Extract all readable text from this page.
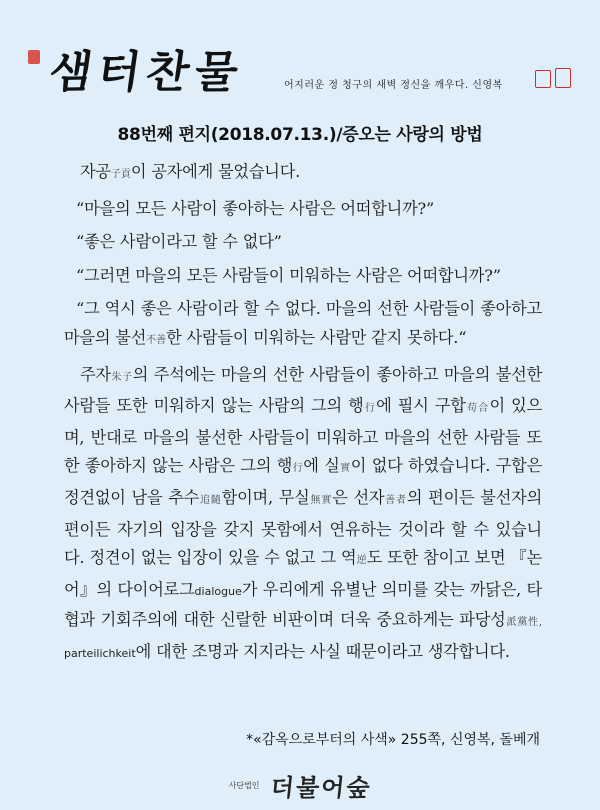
샘터찬물	어지러운 정 청구의 새벽 정신을 깨우다. 신영복
88번째 편지(2018.07.13.)/증오는 사랑의 방법

자공子貢이 공자에게 물었습니다.

“마을의 모든 사람이 좋아하는 사람은 어떠합니까?”

“좋은 사람이라고 할 수 없다”

“그러면 마을의 모든 사람들이 미워하는 사람은 어떠합니까?”

“그 역시 좋은 사람이라 할 수 없다. 마을의 선한 사람들이 좋아하고 마을의 불선不善한 사람들이 미워하는 사람만 같지 못하다.“

주자朱子의 주석에는 마을의 선한 사람들이 좋아하고 마을의 불선한 사람들 또한 미워하지 않는 사람의 그의 행行에 필시 구합苟合이 있으며, 반대로 마을의 불선한 사람들이 미워하고 마을의 선한 사람들 또한 좋아하지 않는 사람은 그의 행行에 실實이 없다 하였습니다. 구합은 정견없이 남을 추수追隨함이며, 무실無實은 선자善者의 편이든 불선자의 편이든 자기의 입장을 갖지 못함에서 연유하는 것이라 할 수 있습니다. 정견이 없는 입장이 있을 수 없고 그 역逆도 또한 참이고 보면 『논어』의 다이어로그dialogue가 우리에게 유별난 의미를 갖는 까닭은, 타협과 기회주의에 대한 신랄한 비판이며 더욱 중요하게는 파당성派黨性, parteilichkeit에 대한 조명과 지지라는 사실 때문이라고 생각합니다.

*«감옥으로부터의 사색» 255쪽, 신영복, 돌베개
사단법인 더불어숲
